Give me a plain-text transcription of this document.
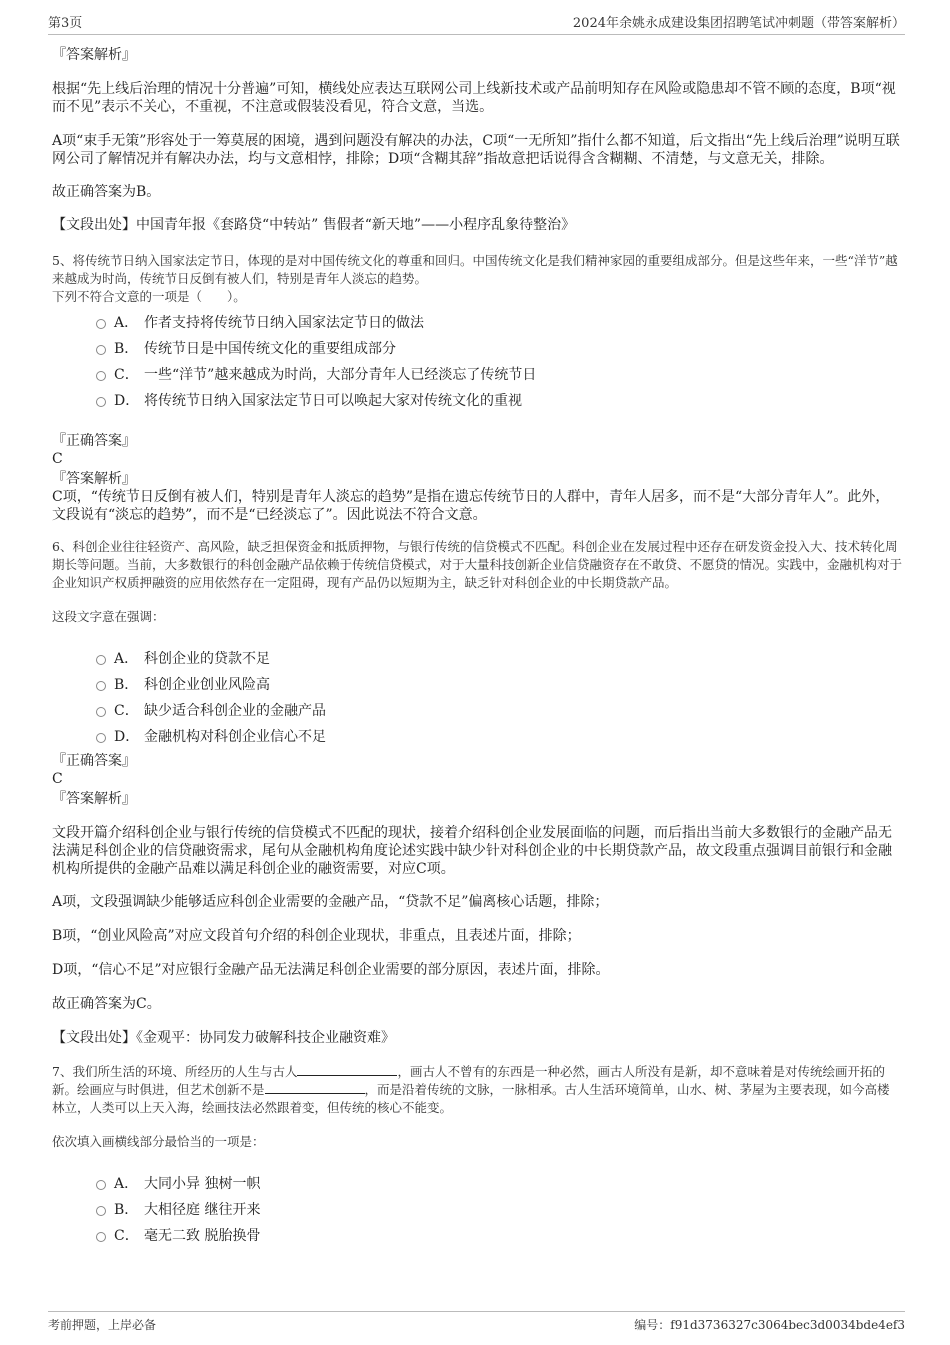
第3页	2024年余姚永成建设集团招聘笔试冲刺题（带答案解析）

『答案解析』

根据“先上线后治理的情况十分普遍”可知，横线处应表达互联网公司上线新技术或产品前明知存在风险或隐患却不管不顾的态度，B项“视而不见”表示不关心，不重视，不注意或假装没看见，符合文意，当选。

A项“束手无策”形容处于一筹莫展的困境，遇到问题没有解决的办法，C项“一无所知”指什么都不知道，后文指出“先上线后治理”说明互联网公司了解情况并有解决办法，均与文意相悖，排除；D项“含糊其辞”指故意把话说得含含糊糊、不清楚，与文意无关，排除。

故正确答案为B。

【文段出处】中国青年报《套路贷“中转站” 售假者“新天地”——小程序乱象待整治》

5、将传统节日纳入国家法定节日，体现的是对中国传统文化的尊重和回归。中国传统文化是我们精神家园的重要组成部分。但是这些年来，一些“洋节”越来越成为时尚，传统节日反倒有被人们，特别是青年人淡忘的趋势。

下列不符合文意的一项是（　　）。

A． 作者支持将传统节日纳入国家法定节日的做法
B． 传统节日是中国传统文化的重要组成部分
C． 一些“洋节”越来越成为时尚，大部分青年人已经淡忘了传统节日
D． 将传统节日纳入国家法定节日可以唤起大家对传统文化的重视

『正确答案』

C

『答案解析』

C项，“传统节日反倒有被人们，特别是青年人淡忘的趋势”是指在遗忘传统节日的人群中，青年人居多，而不是“大部分青年人”。此外，文段说有“淡忘的趋势”，而不是“已经淡忘了”。因此说法不符合文意。

6、科创企业往往轻资产、高风险，缺乏担保资金和抵质押物，与银行传统的信贷模式不匹配。科创企业在发展过程中还存在研发资金投入大、技术转化周期长等问题。当前，大多数银行的科创金融产品依赖于传统信贷模式，对于大量科技创新企业信贷融资存在不敢贷、不愿贷的情况。实践中，金融机构对于企业知识产权质押融资的应用依然存在一定阻碍，现有产品仍以短期为主，缺乏针对科创企业的中长期贷款产品。

这段文字意在强调：

A． 科创企业的贷款不足
B． 科创企业创业风险高
C． 缺少适合科创企业的金融产品
D． 金融机构对科创企业信心不足

『正确答案』

C

『答案解析』

文段开篇介绍科创企业与银行传统的信贷模式不匹配的现状，接着介绍科创企业发展面临的问题，而后指出当前大多数银行的金融产品无法满足科创企业的信贷融资需求，尾句从金融机构角度论述实践中缺少针对科创企业的中长期贷款产品，故文段重点强调目前银行和金融机构所提供的金融产品难以满足科创企业的融资需要，对应C项。

A项，文段强调缺少能够适应科创企业需要的金融产品，“贷款不足”偏离核心话题，排除；

B项，“创业风险高”对应文段首句介绍的科创企业现状，非重点，且表述片面，排除；

D项，“信心不足”对应银行金融产品无法满足科创企业需要的部分原因，表述片面，排除。

故正确答案为C。

【文段出处】《金观平：协同发力破解科技企业融资难》

7、我们所生活的环境、所经历的人生与古人	，画古人不曾有的东西是一种必然，画古人所没有是新，却不意味着是对传统绘画开拓的新。绘画应与时俱进，但艺术创新不是	，而是沿着传统的文脉，一脉相承。古人生活环境简单，山水、树、茅屋为主要表现，如今高楼林立，人类可以上天入海，绘画技法必然跟着变，但传统的核心不能变。

依次填入画横线部分最恰当的一项是：

A． 大同小异 独树一帜
B． 大相径庭 继往开来
C． 毫无二致 脱胎换骨
考前押题，上岸必备	编号：f91d3736327c3064bec3d0034bde4ef3
